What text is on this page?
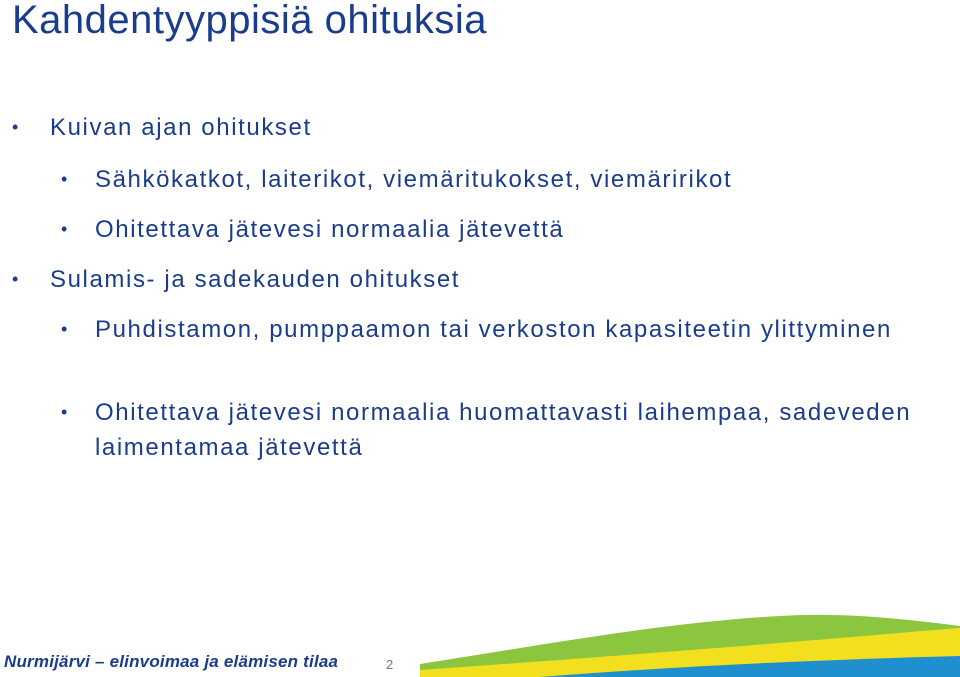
Kahdentyyppisiä ohituksia
• Kuivan ajan ohitukset
• Sähkökatkot, laiterikot, viemäritukokset, viemäririkot
• Ohitettava jätevesi normaalia jätevettä
• Sulamis- ja sadekauden ohitukset
• Puhdistamon, pumppaamon tai verkoston kapasiteetin ylittyminen
• Ohitettava jätevesi normaalia huomattavasti laihempaa, sadeveden laimentamaa jätevettä
Nurmijärvi – elinvoimaa ja elämisen tilaa	2
